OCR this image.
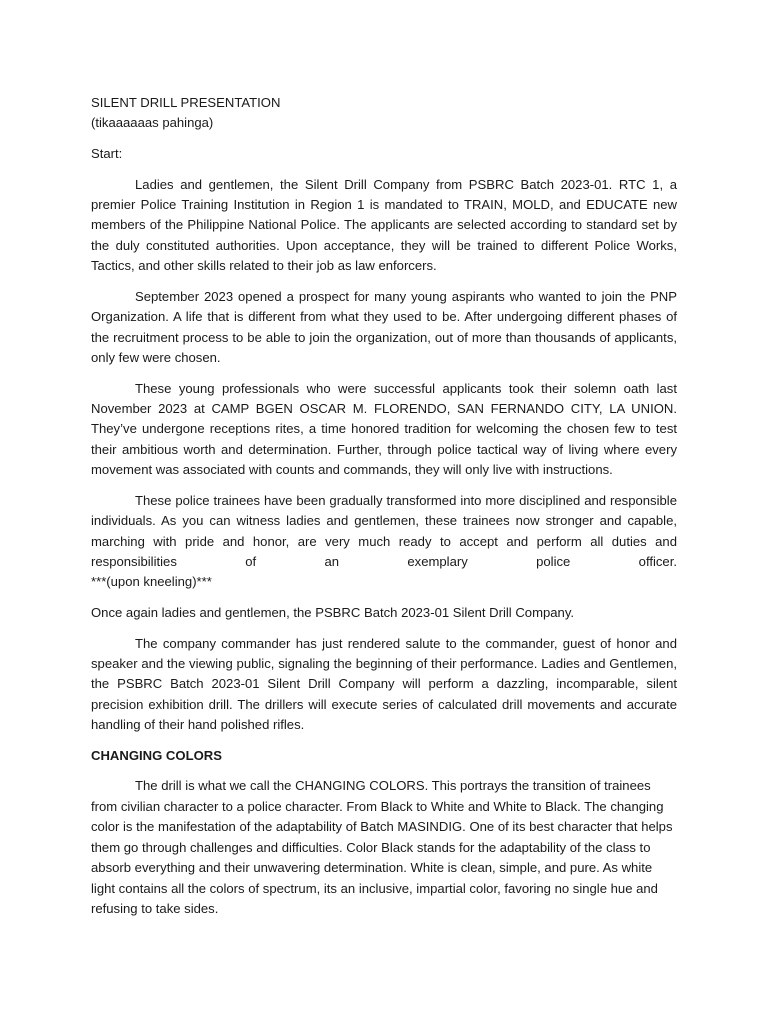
SILENT DRILL PRESENTATION

(tikaaaaaas pahinga)

Start:

Ladies and gentlemen, the Silent Drill Company from PSBRC Batch 2023-01. RTC 1, a premier Police Training Institution in Region 1 is mandated to TRAIN, MOLD, and EDUCATE new members of the Philippine National Police. The applicants are selected according to standard set by the duly constituted authorities. Upon acceptance, they will be trained to different Police Works, Tactics, and other skills related to their job as law enforcers.

September 2023 opened a prospect for many young aspirants who wanted to join the PNP Organization. A life that is different from what they used to be. After undergoing different phases of the recruitment process to be able to join the organization, out of more than thousands of applicants, only few were chosen.

These young professionals who were successful applicants took their solemn oath last November 2023 at CAMP BGEN OSCAR M. FLORENDO, SAN FERNANDO CITY, LA UNION. They’ve undergone receptions rites, a time honored tradition for welcoming the chosen few to test their ambitious worth and determination. Further, through police tactical way of living where every movement was associated with counts and commands, they will only live with instructions.

These police trainees have been gradually transformed into more disciplined and responsible individuals. As you can witness ladies and gentlemen, these trainees now stronger and capable, marching with pride and honor, are very much ready to accept and perform all duties and responsibilities of an exemplary police officer.

***(upon kneeling)***

Once again ladies and gentlemen, the PSBRC Batch 2023-01 Silent Drill Company.

The company commander has just rendered salute to the commander, guest of honor and speaker and the viewing public, signaling the beginning of their performance. Ladies and Gentlemen, the PSBRC Batch 2023-01 Silent Drill Company will perform a dazzling, incomparable, silent precision exhibition drill. The drillers will execute series of calculated drill movements and accurate handling of their hand polished rifles.

CHANGING COLORS

The drill is what we call the CHANGING COLORS. This portrays the transition of trainees from civilian character to a police character. From Black to White and White to Black. The changing color is the manifestation of the adaptability of Batch MASINDIG. One of its best character that helps them go through challenges and difficulties. Color Black stands for the adaptability of the class to absorb everything and their unwavering determination. White is clean, simple, and pure. As white light contains all the colors of spectrum, its an inclusive, impartial color, favoring no single hue and refusing to take sides.
